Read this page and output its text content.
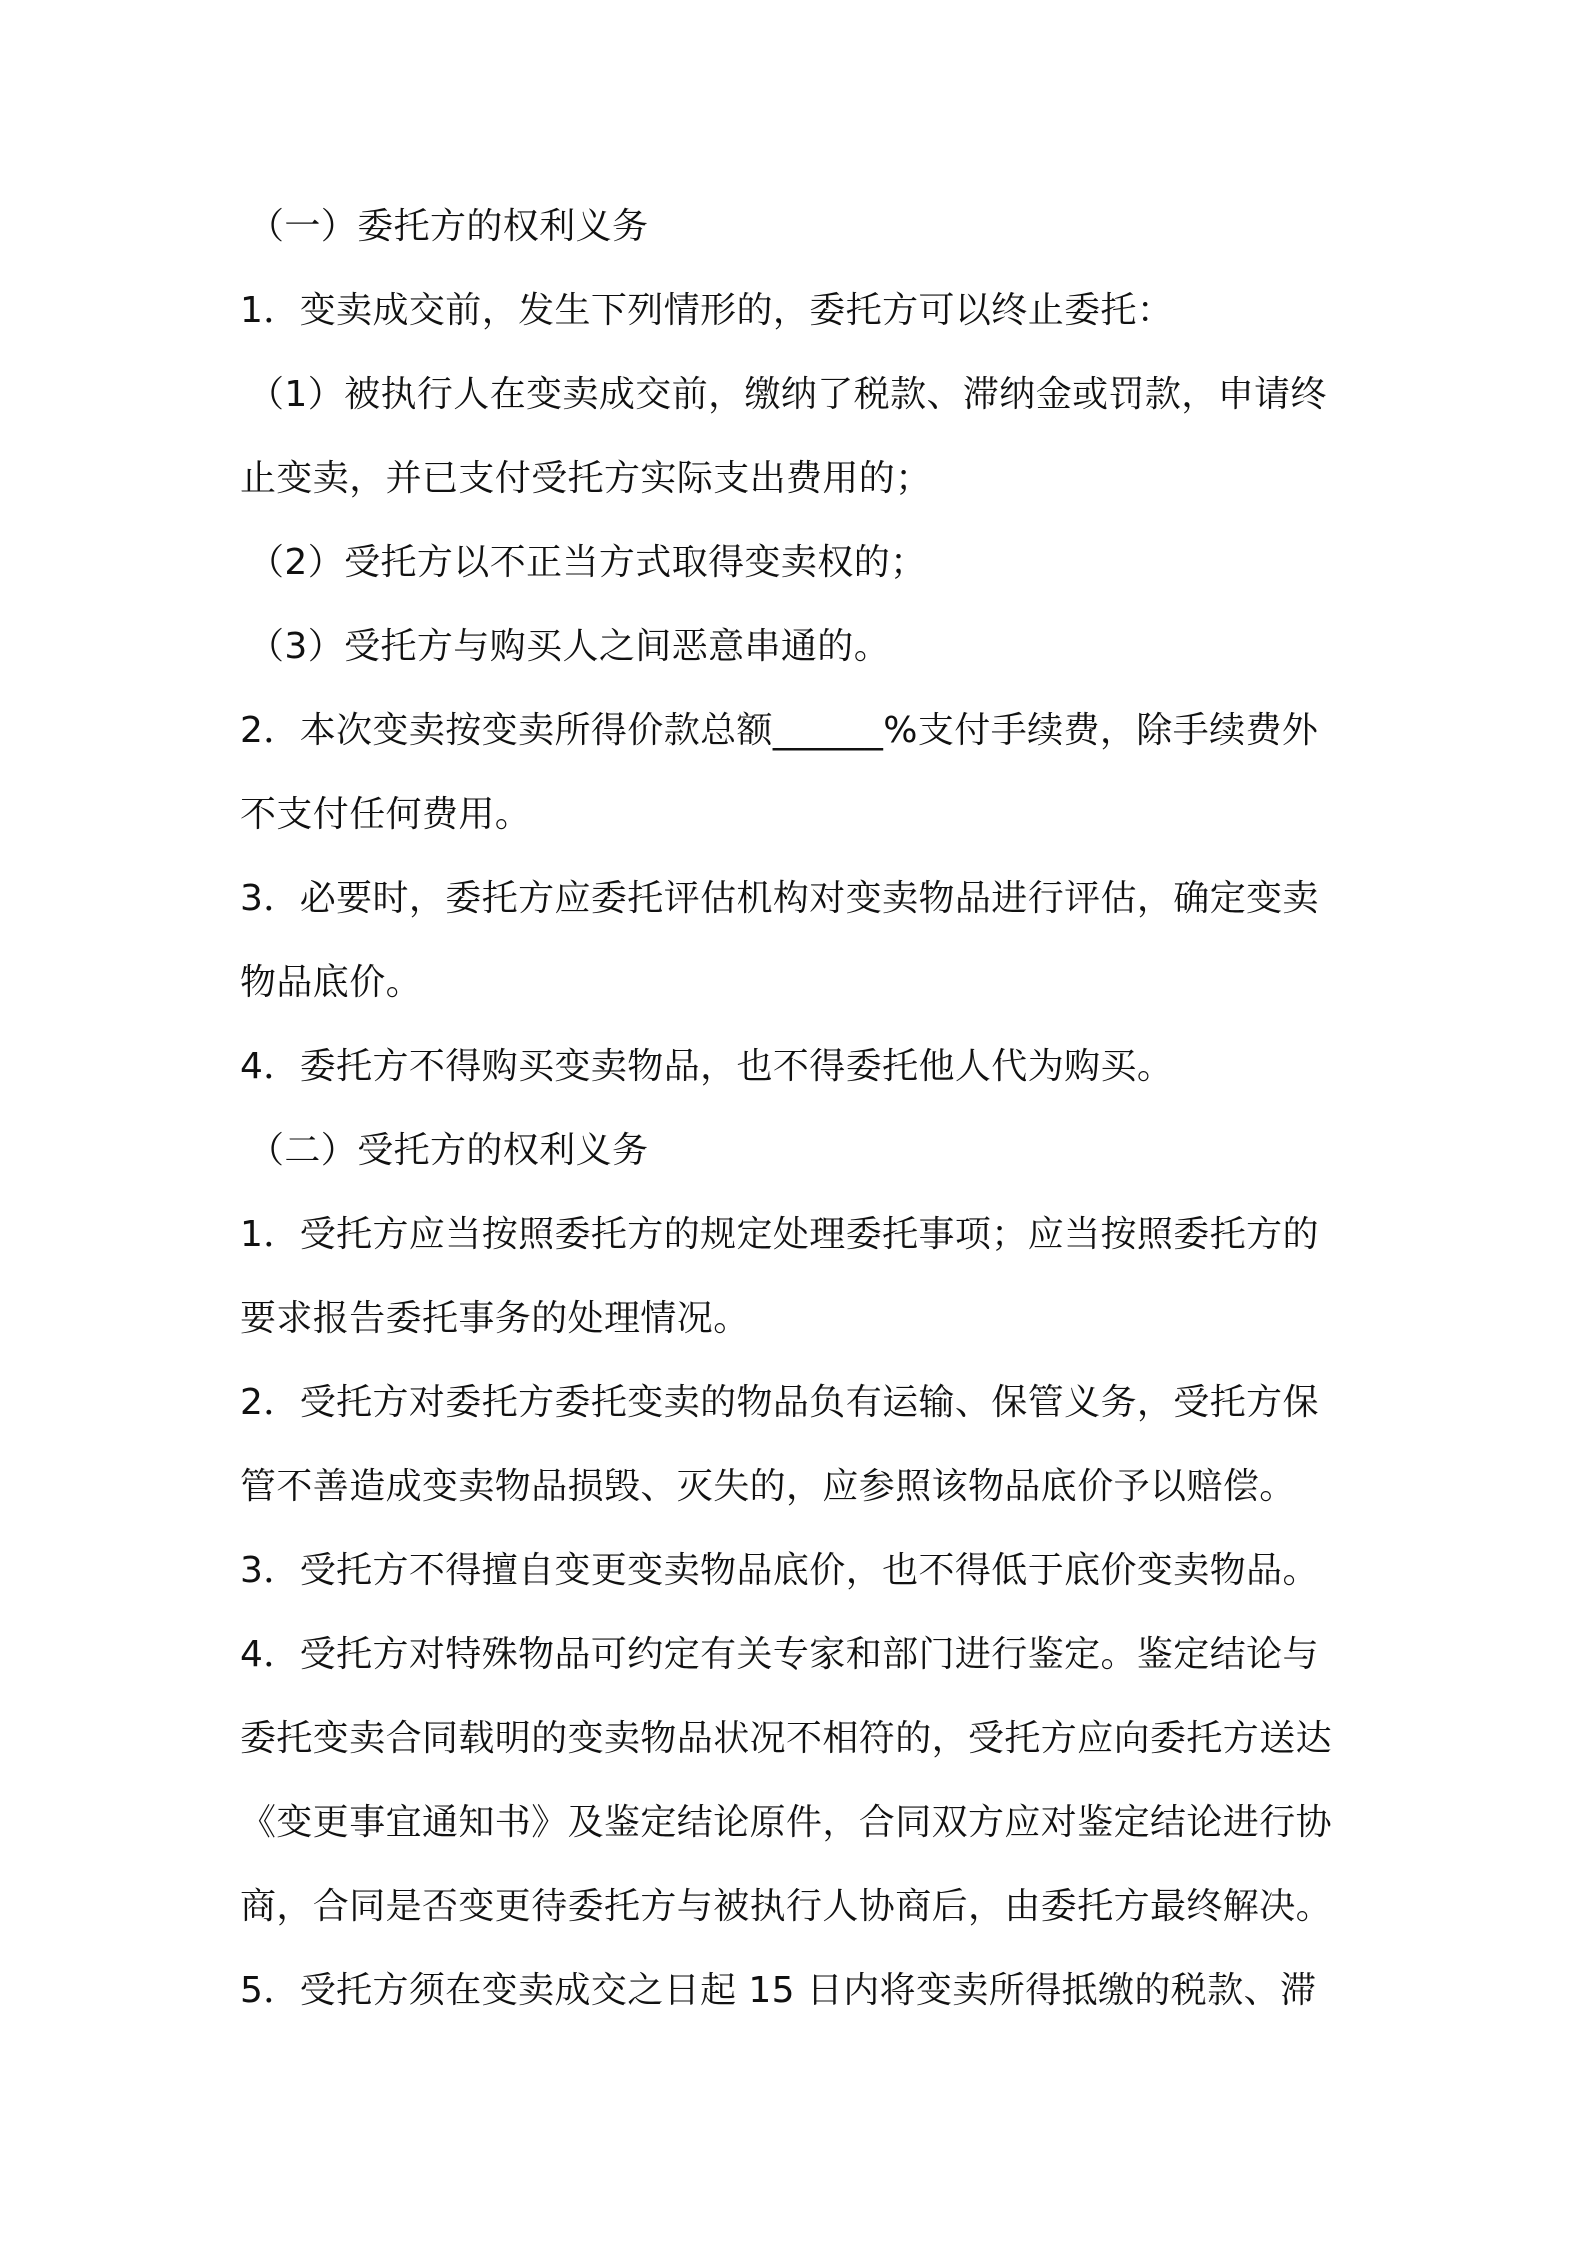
（一）委托方的权利义务
1．变卖成交前，发生下列情形的，委托方可以终止委托：
（1）被执行人在变卖成交前，缴纳了税款、滞纳金或罚款，申请终
止变卖，并已支付受托方实际支出费用的；
（2）受托方以不正当方式取得变卖权的；
（3）受托方与购买人之间恶意串通的。
2．本次变卖按变卖所得价款总额______%支付手续费，除手续费外
不支付任何费用。
3．必要时，委托方应委托评估机构对变卖物品进行评估，确定变卖
物品底价。
4．委托方不得购买变卖物品，也不得委托他人代为购买。
（二）受托方的权利义务
1．受托方应当按照委托方的规定处理委托事项；应当按照委托方的
要求报告委托事务的处理情况。
2．受托方对委托方委托变卖的物品负有运输、保管义务，受托方保
管不善造成变卖物品损毁、灭失的，应参照该物品底价予以赔偿。
3．受托方不得擅自变更变卖物品底价，也不得低于底价变卖物品。
4．受托方对特殊物品可约定有关专家和部门进行鉴定。鉴定结论与
委托变卖合同载明的变卖物品状况不相符的，受托方应向委托方送达
《变更事宜通知书》及鉴定结论原件，合同双方应对鉴定结论进行协
商，合同是否变更待委托方与被执行人协商后，由委托方最终解决。
5．受托方须在变卖成交之日起 15 日内将变卖所得抵缴的税款、滞
